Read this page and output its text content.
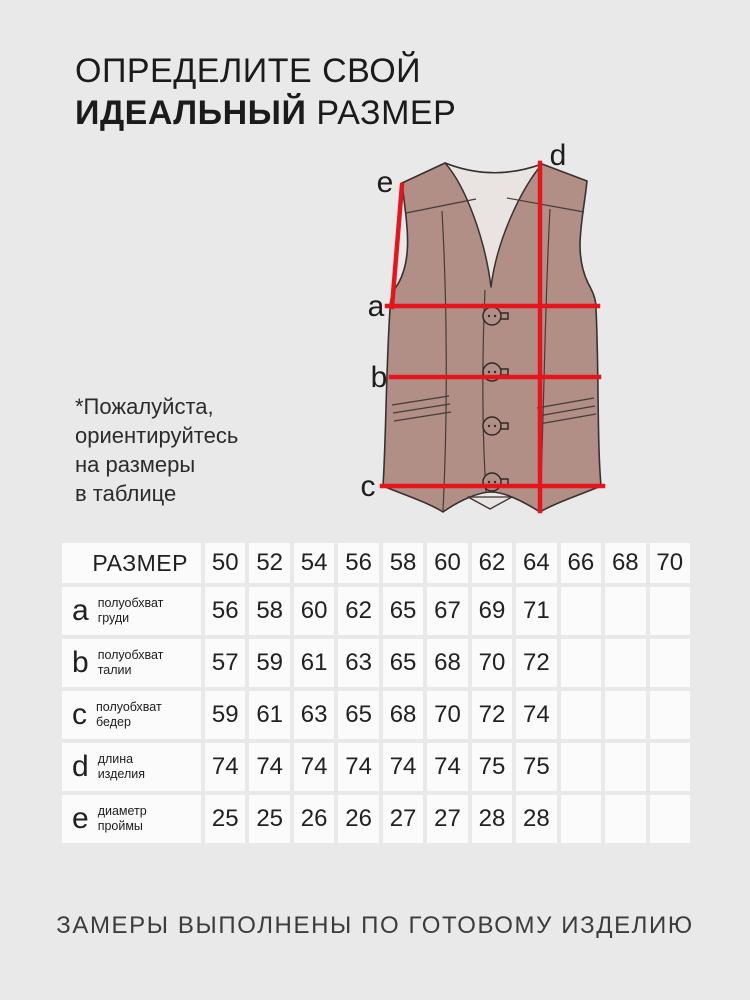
ОПРЕДЕЛИТЕ СВОЙ
ИДЕАЛЬНЫЙ РАЗМЕР
e
d
a
b
c
*Пожалуйста,
ориентируйтесь
на размеры
в таблице
РАЗМЕР 50 52 54 56 58 60 62 64 66 68 70
a полуобхват
груди	56 58 60 62 65 67 69 71
b полуобхват
талии	57 59 61 63 65 68 70 72
c полуобхват
бедер	59 61 63 65 68 70 72 74
d длина
изделия	74 74 74 74 74 74 75 75
e диаметр
проймы	25 25 26 26 27 27 28 28
ЗАМЕРЫ ВЫПОЛНЕНЫ ПО ГОТОВОМУ ИЗДЕЛИЮ
